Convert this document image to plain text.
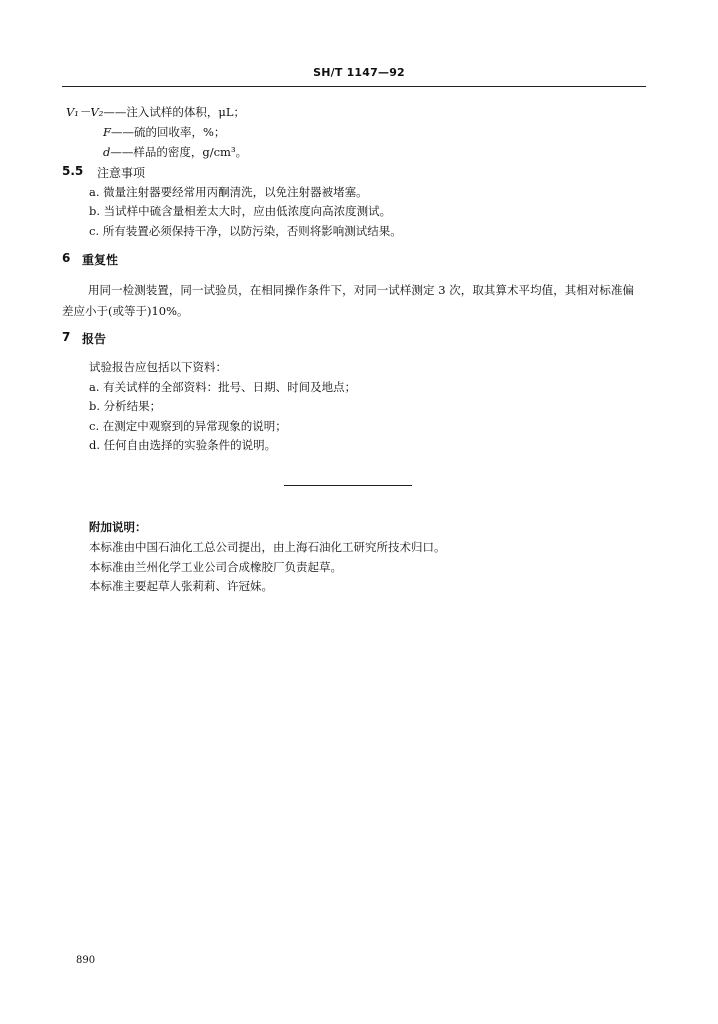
SH/T 1147—92
V₁－V₂——注入试样的体积，μL；
F——硫的回收率，%；
d——样品的密度，g/cm³。
5.5 注意事项
a. 微量注射器要经常用丙酮清洗，以免注射器被堵塞。
b. 当试样中硫含量相差太大时，应由低浓度向高浓度测试。
c. 所有装置必须保持干净，以防污染，否则将影响测试结果。
6 重复性
用同一检测装置，同一试验员，在相同操作条件下，对同一试样测定 3 次，取其算术平均值，其相对标准偏差应小于(或等于)10%。
7 报告
试验报告应包括以下资料：
a. 有关试样的全部资料：批号、日期、时间及地点；
b. 分析结果；
c. 在测定中观察到的异常现象的说明；
d. 任何自由选择的实验条件的说明。
附加说明：
本标准由中国石油化工总公司提出，由上海石油化工研究所技术归口。
本标准由兰州化学工业公司合成橡胶厂负责起草。
本标准主要起草人张莉莉、许冠妹。
890
